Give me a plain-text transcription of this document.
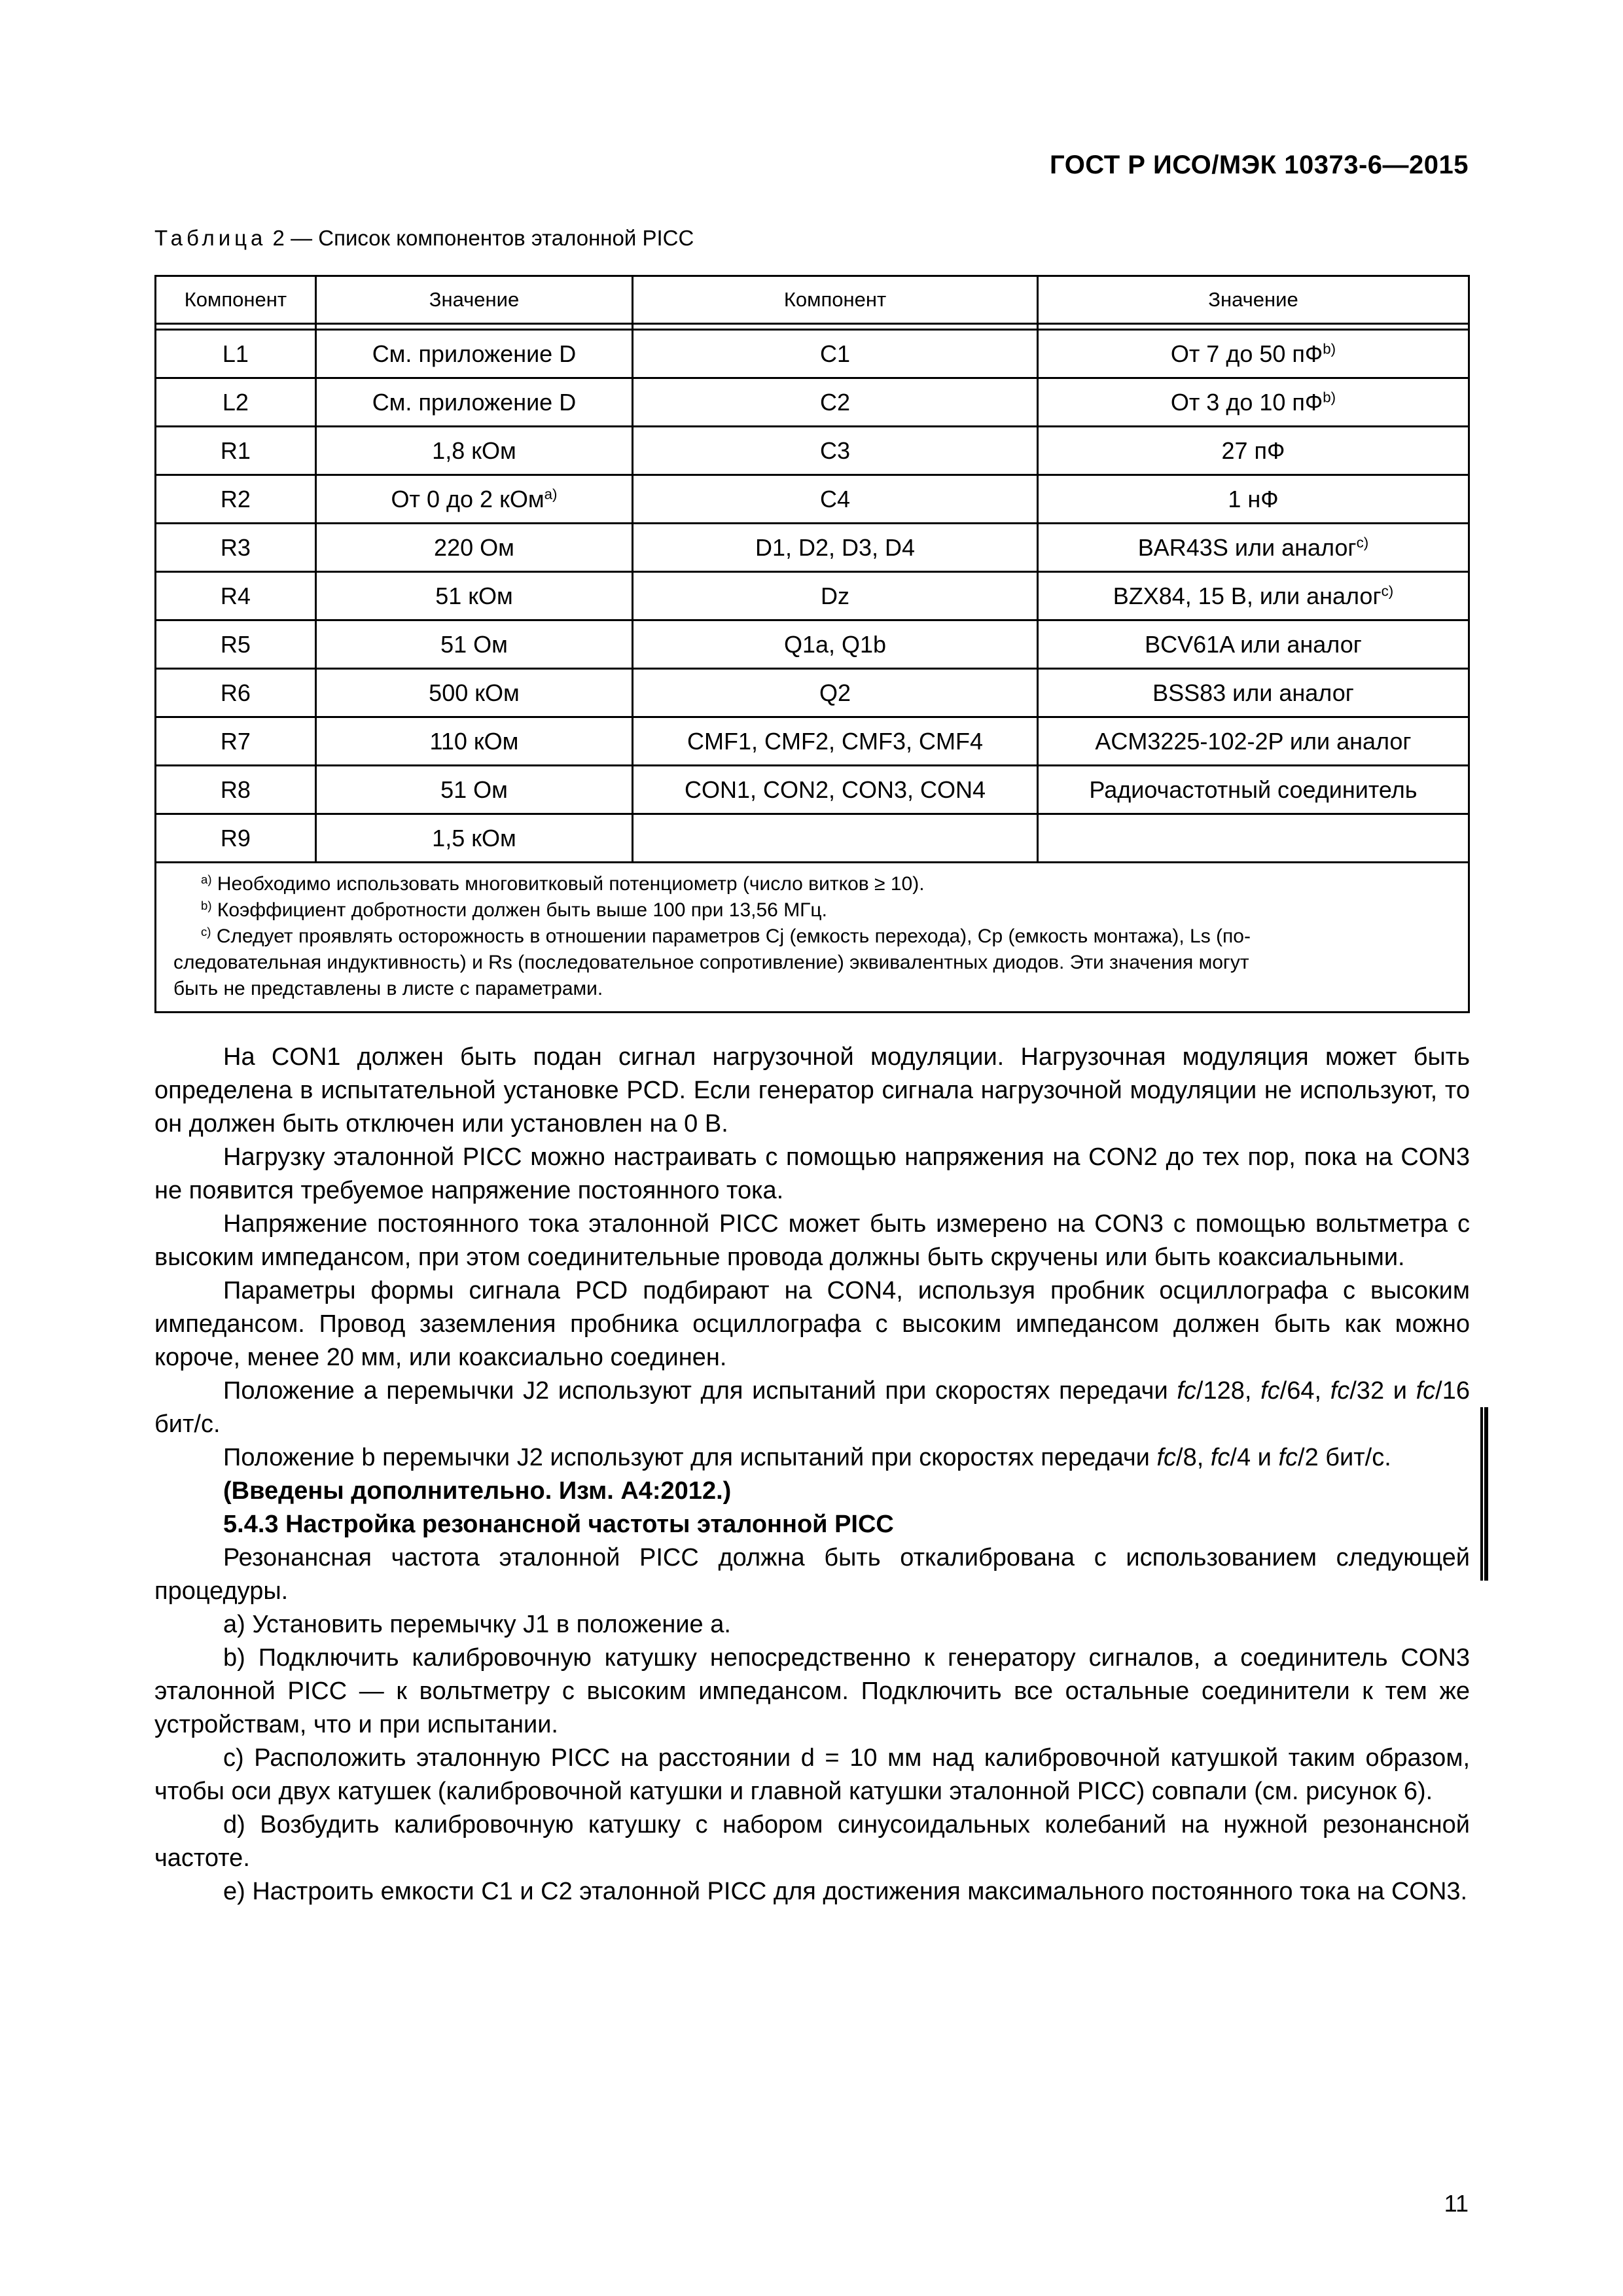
ГОСТ Р ИСО/МЭК 10373-6—2015
Таблица 2 — Список компонентов эталонной PICC
Компонент	Значение	Компонент	Значение

L1	См. приложение D	C1	От 7 до 50 $пФ^{b)}$
L2	См. приложение D	C2	От 3 до 10 $пФ^{b)}$
R1	1,8 кОм	C3	27 пФ
R2	От 0 до 2 кОм$^{a)}$	C4	1 нФ
R3	220 Ом	D1, D2, D3, D4	BAR43S или аналог$^{c)}$
R4	51 кОм	Dz	BZX84, 15 В, или аналог$^{c)}$
R5	51 Ом	Q1a, Q1b	BCV61A или аналог
R6	500 кОм	Q2	BSS83 или аналог
R7	110 кОм	CMF1, CMF2, CMF3, CMF4	ACM3225-102-2P или аналог
R8	51 Ом	CON1, CON2, CON3, CON4	Радиочастотный соединитель
R9	1,5 кОм		

$^{a)}$ Необходимо использовать многовитковый потенциометр (число витков ≥ 10).
$^{b)}$ Коэффициент добротности должен быть выше 100 при 13,56 МГц.
$^{c)}$ Следует проявлять осторожность в отношении параметров Cj (емкость перехода), Cp (емкость монтажа), Ls (по-
следовательная индуктивность) и Rs (последовательное сопротивление) эквивалентных диодов. Эти значения могут
быть не представлены в листе с параметрами.			

На CON1 должен быть подан сигнал нагрузочной модуляции. Нагрузочная модуляция может быть определена в испытательной установке PCD. Если генератор сигнала нагрузочной модуляции не используют, то он должен быть отключен или установлен на 0 В.

Нагрузку эталонной PICC можно настраивать с помощью напряжения на CON2 до тех пор, пока на CON3 не появится требуемое напряжение постоянного тока.

Напряжение постоянного тока эталонной PICC может быть измерено на CON3 с помощью вольтметра с высоким импедансом, при этом соединительные провода должны быть скручены или быть коаксиальными.

Параметры формы сигнала PCD подбирают на CON4, используя пробник осциллографа с высоким импедансом. Провод заземления пробника осциллографа с высоким импедансом должен быть как можно короче, менее 20 мм, или коаксиально соединен.

Положение a перемычки J2 используют для испытаний при скоростях передачи fc/128, fc/64, fc/32 и fc/16 бит/с.

Положение b перемычки J2 используют для испытаний при скоростях передачи fc/8, fc/4 и fc/2 бит/с.

(Введены дополнительно. Изм. А4:2012.)

5.4.3 Настройка резонансной частоты эталонной PICC

Резонансная частота эталонной PICC должна быть откалибрована с использованием следующей процедуры.

a) Установить перемычку J1 в положение a.

b) Подключить калибровочную катушку непосредственно к генератору сигналов, а соединитель CON3 эталонной PICC — к вольтметру с высоким импедансом. Подключить все остальные соединители к тем же устройствам, что и при испытании.

c) Расположить эталонную PICC на расстоянии d = 10 мм над калибровочной катушкой таким образом, чтобы оси двух катушек (калибровочной катушки и главной катушки эталонной PICC) совпали (см. рисунок 6).

d) Возбудить калибровочную катушку с набором синусоидальных колебаний на нужной резонансной частоте.

e) Настроить емкости C1 и C2 эталонной PICC для достижения максимального постоянного тока на CON3.

11
